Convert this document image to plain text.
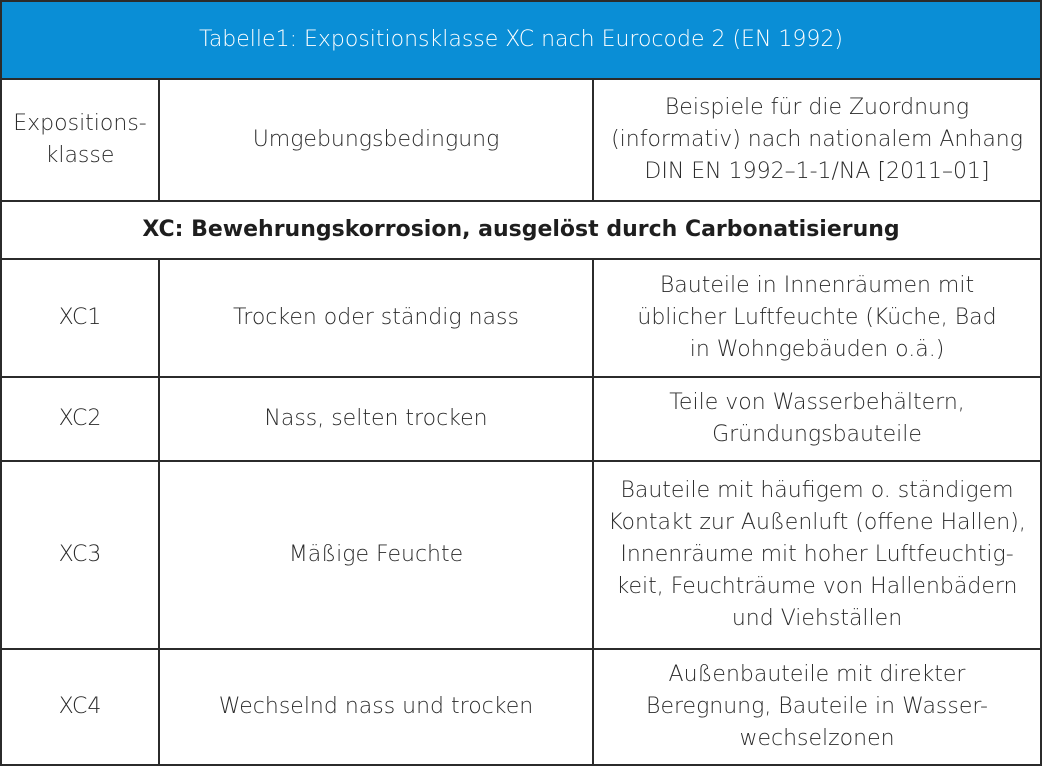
Tabelle1: Expositionsklasse XC nach Eurocode 2 (EN 1992)		
Expositions-
klasse	Umgebungsbedingung	Beispiele für die Zuordnung
(informativ) nach nationalem Anhang
DIN EN 1992–1-1/NA [2011–01]
XC: Bewehrungskorrosion, ausgelöst durch Carbonatisierung		
XC1	Trocken oder ständig nass	Bauteile in Innenräumen mit
üblicher Luftfeuchte (Küche, Bad
in Wohngebäuden o.ä.)
XC2	Nass, selten trocken	Teile von Wasserbehältern,
Gründungsbauteile
XC3	Mäßige Feuchte	Bauteile mit häufigem o. ständigem
Kontakt zur Außenluft (offene Hallen),
Innenräume mit hoher Luftfeuchtig-
keit, Feuchträume von Hallenbädern
und Viehställen
XC4	Wechselnd nass und trocken	Außenbauteile mit direkter
Beregnung, Bauteile in Wasser-
wechselzonen
